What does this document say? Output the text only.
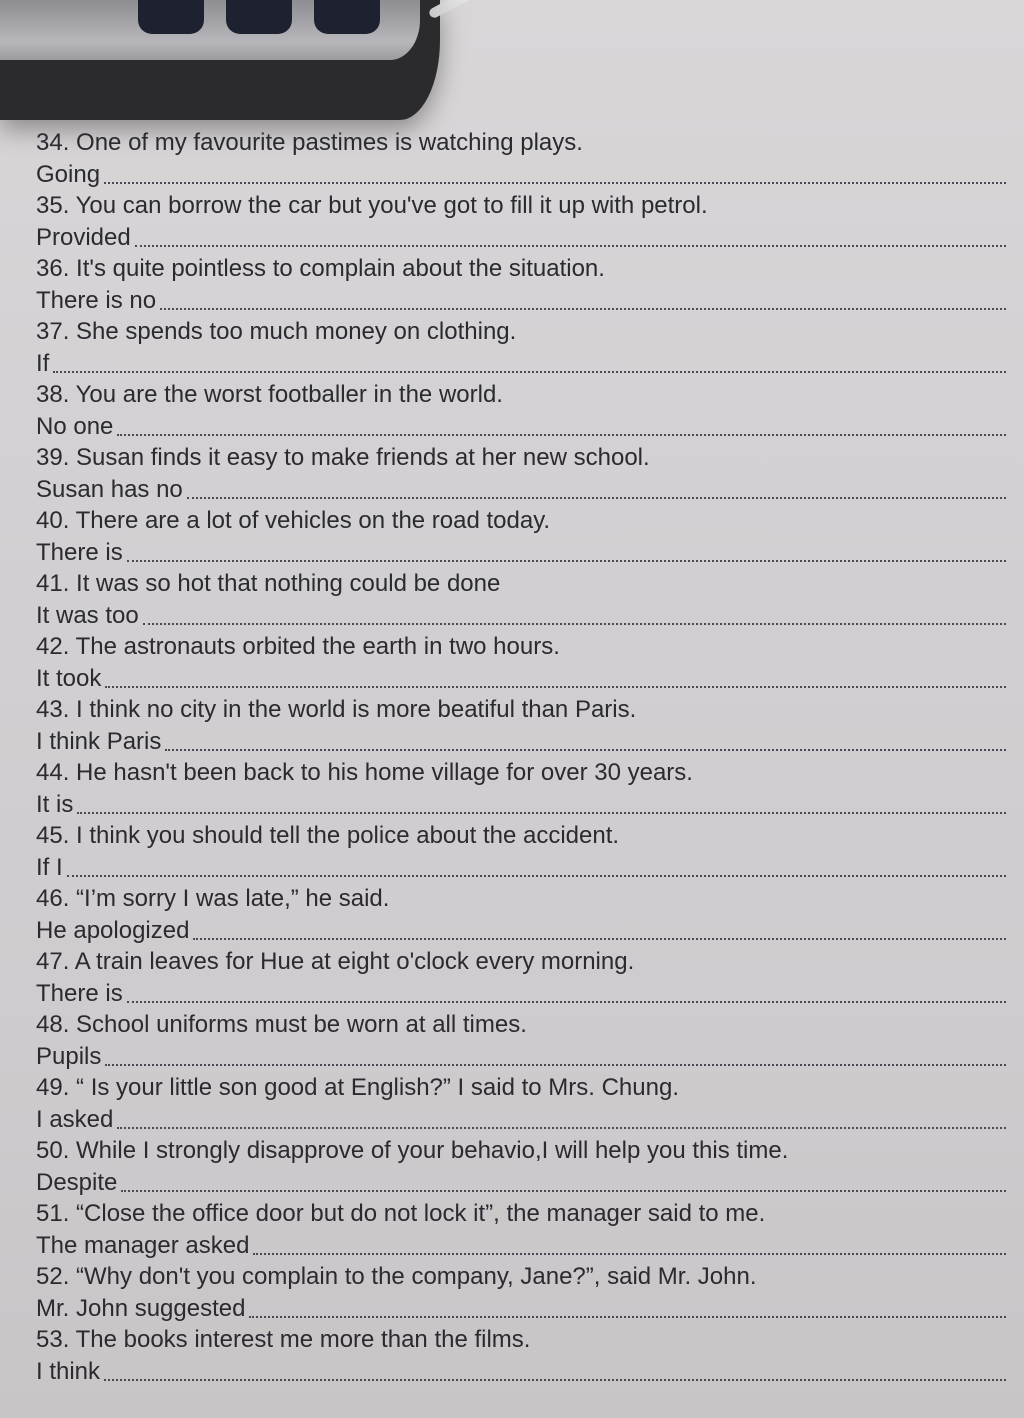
34. One of my favourite pastimes is watching plays.
Going
35. You can borrow the car but you've got to fill it up with petrol.
Provided
36. It's quite pointless to complain about the situation.
There is no
37. She spends too much money on clothing.
If
38. You are the worst footballer in the world.
No one
39. Susan finds it easy to make friends at her new school.
Susan has no
40. There are a lot of vehicles on the road today.
There is
41. It was so hot that nothing could be done
It was too
42. The astronauts orbited the earth in two hours.
It took
43. I think no city in the world is more beatiful than Paris.
I think Paris
44. He hasn't been back to his home village for over 30 years.
It is
45. I think you should tell the police about the accident.
If I
46. “I’m sorry I was late,” he said.
He apologized
47. A train leaves for Hue at eight o'clock every morning.
There is
48. School uniforms must be worn at all times.
Pupils
49. “ Is your little son good at English?” I said to Mrs. Chung.
I asked
50. While I strongly disapprove of your behavio,I will help you this time.
Despite
51. “Close the office door but do not lock it”, the manager said to me.
The manager asked
52. “Why don't you complain to the company, Jane?”, said Mr. John.
Mr. John suggested
53. The books interest me more than the films.
I think
